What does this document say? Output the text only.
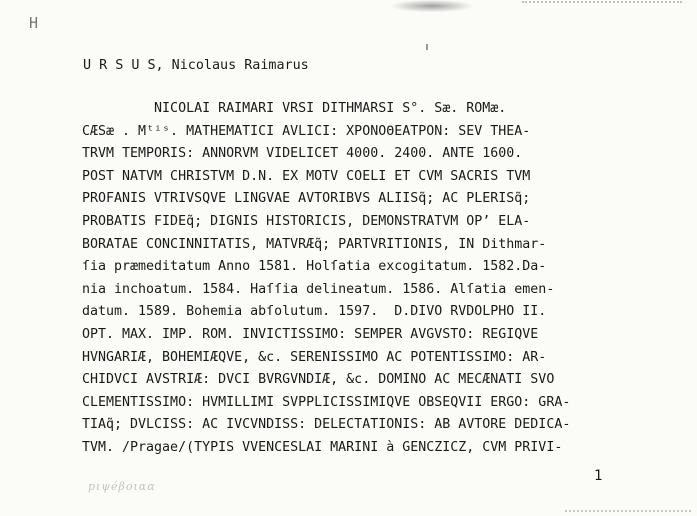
H
U R S U S, Nicolaus Raimarus
NICOLAI RAIMARI VRSI DITHMARSI S°. Sæ. ROMæ.
CÆSæ . Mᵗⁱˢ. MATHEMATICI AVLICI: XPONOΘEATPON: SEV THEA-
TRVM TEMPORIS: ANNORVM VIDELICET 4000. 2400. ANTE 1600.
POST NATVM CHRISTVM D.N. EX MOTV COELI ET CVM SACRIS TVM
PROFANIS VTRIVSQVE LINGVAE AVTORIBVS ALIISq̃; AC PLERISq̃;
PROBATIS FIDEq̃; DIGNIS HISTORICIS, DEMONSTRATVM OP’ ELA-
BORATAE CONCINNITATIS, MATVRÆq̃; PARTVRITIONIS, IN Dithmar-
ſia præmeditatum Anno 1581. Holſatia excogitatum. 1582.Da-
nia inchoatum. 1584. Haſſia delineatum. 1586. Alſatia emen-
datum. 1589. Bohemia abſolutum. 1597.  D.DIVO RVDOLPHO II.
OPT. MAX. IMP. ROM. INVICTISSIMO: SEMPER AVGVSTO: REGIQVE
HVNGARIÆ, BOHEMIÆQVE, &c. SERENISSIMO AC POTENTISSIMO: AR-
CHIDVCI AVSTRIÆ: DVCI BVRGVNDIÆ, &c. DOMINO AC MECÆNATI SVO
CLEMENTISSIMO: HVMILLIMI SVPPLICISSIMIQVE OBSEQVII ERGO: GRA-
TIAq̃; DVLCISS: AC IVCVNDISS: DELECTATIONIS: AB AVTORE DEDICA-
TVM. /Pragae/(TYPIS VVENCESLAI MARINI à GENCZICZ, CVM PRIVI-
1
pιψéβoιαα
